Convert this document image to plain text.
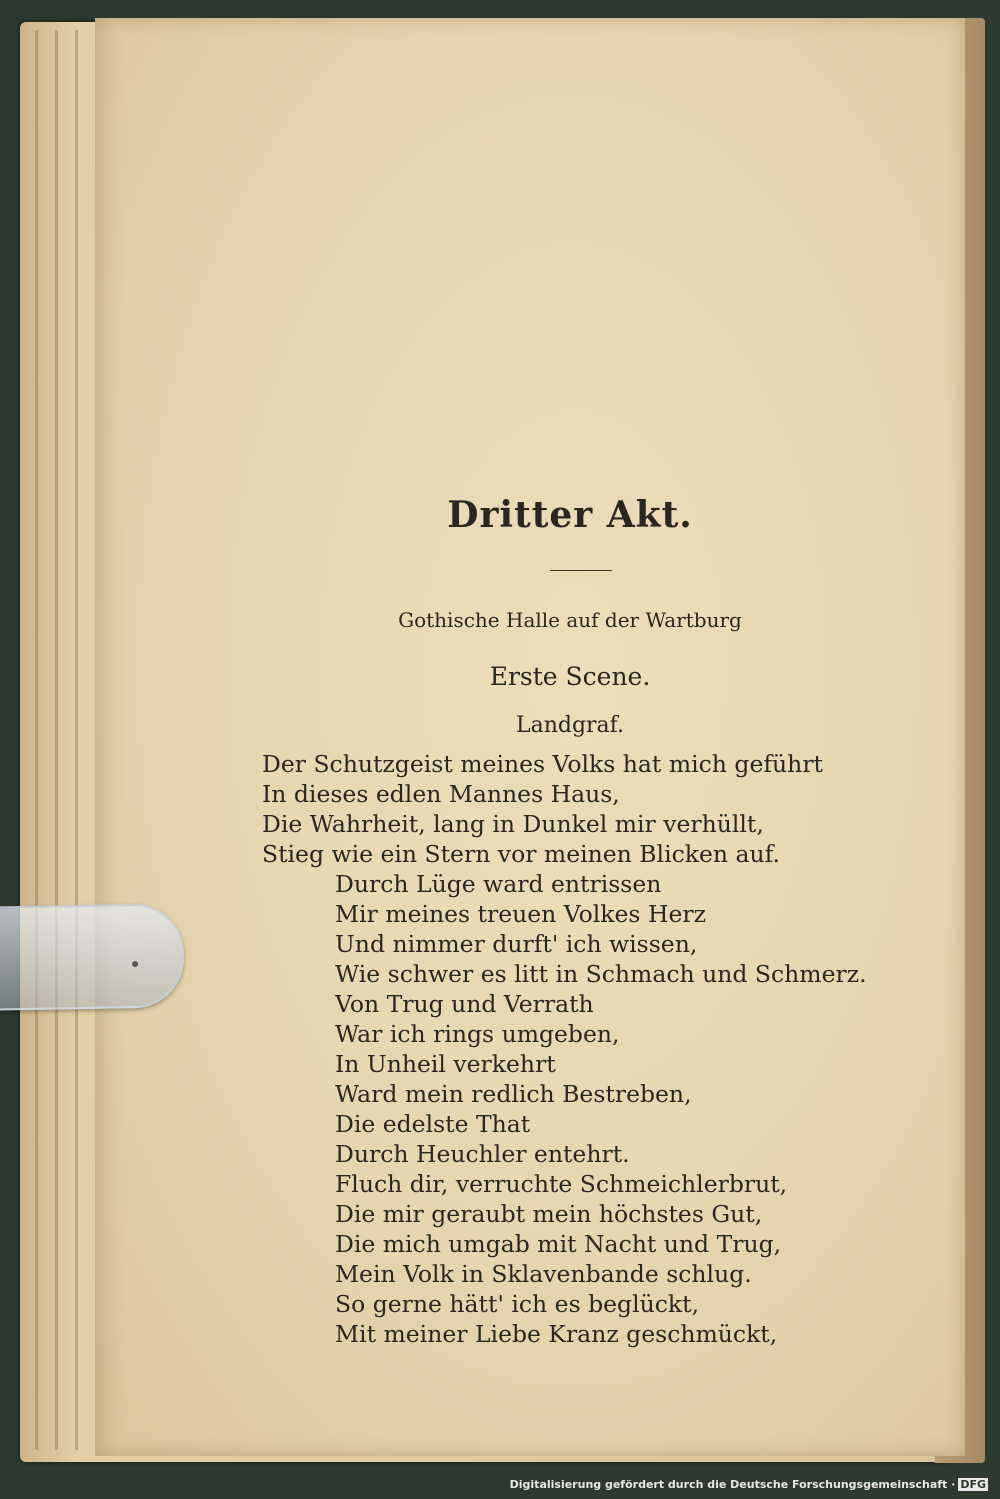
Dritter Akt.
Gothische Halle auf der Wartburg
Erste Scene.
Landgraf.
Der Schutzgeist meines Volks hat mich geführt
In dieses edlen Mannes Haus,
Die Wahrheit, lang in Dunkel mir verhüllt,
Stieg wie ein Stern vor meinen Blicken auf.
Durch Lüge ward entrissen
Mir meines treuen Volkes Herz
Und nimmer durft' ich wissen,
Wie schwer es litt in Schmach und Schmerz.
Von Trug und Verrath
War ich rings umgeben,
In Unheil verkehrt
Ward mein redlich Bestreben,
Die edelste That
Durch Heuchler entehrt.
Fluch dir, verruchte Schmeichlerbrut,
Die mir geraubt mein höchstes Gut,
Die mich umgab mit Nacht und Trug,
Mein Volk in Sklavenbande schlug.
So gerne hätt' ich es beglückt,
Mit meiner Liebe Kranz geschmückt,
Digitalisierung gefördert durch die Deutsche Forschungsgemeinschaft · DFG
